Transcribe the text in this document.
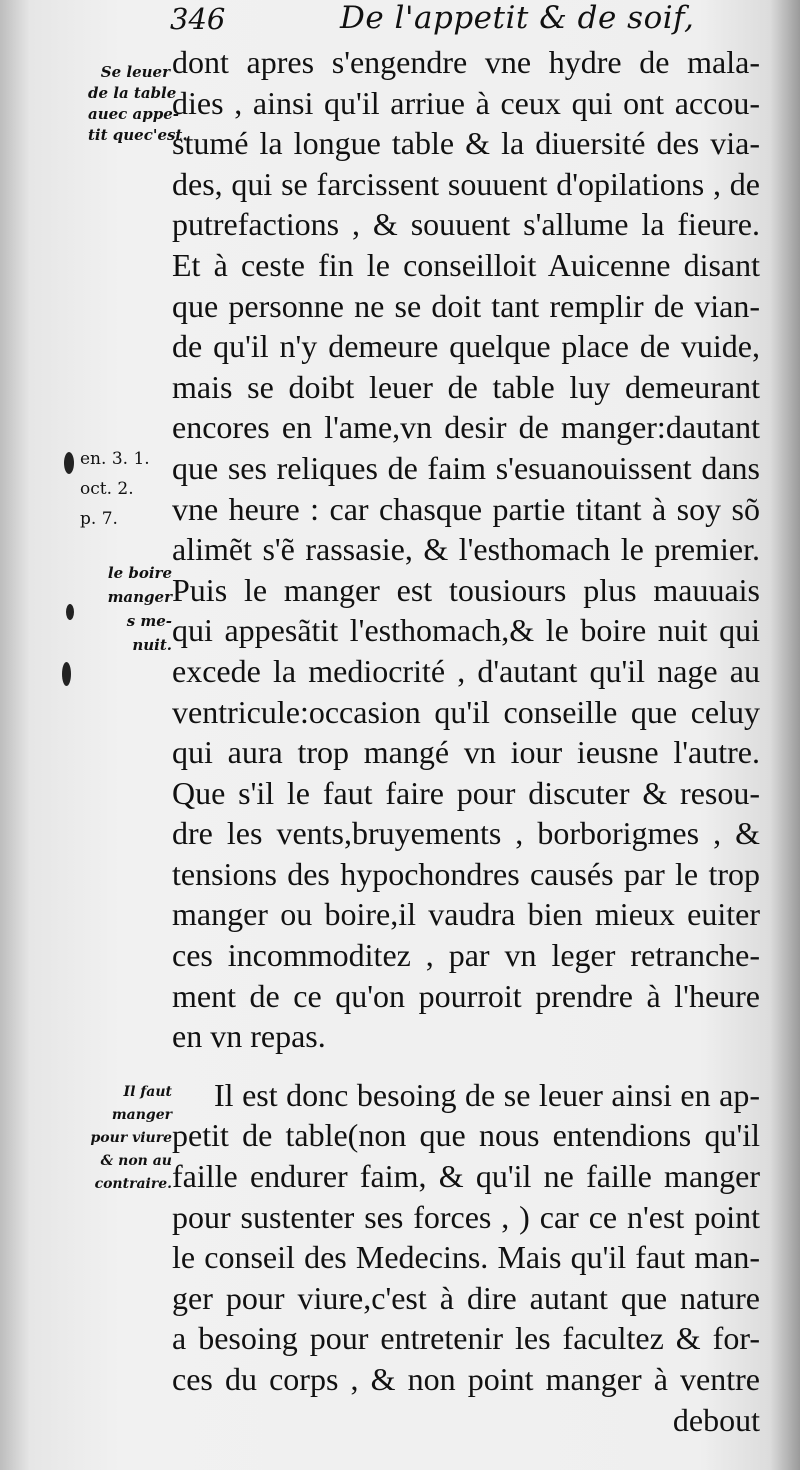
346	De l'appetit & de soif,
Se leuer
de la table
auec appe-
tit quec'est.
en. 3. 1.
oct. 2.
p. 7.
le boire
manger
s me-
nuit.
Il faut
manger
pour viure
& non au
contraire.
dont apres s'engendre vne hydre de mala-
dies , ainsi qu'il arriue à ceux qui ont accou-
stumé la longue table & la diuersité des via-
des, qui se farcissent souuent d'opilations , de
putrefactions , & souuent s'allume la fieure.
Et à ceste fin le conseilloit Auicenne disant
que personne ne se doit tant remplir de vian-
de qu'il n'y demeure quelque place de vuide,
mais se doibt leuer de table luy demeurant
encores en l'ame,vn desir de manger:dautant
que ses reliques de faim s'esuanouissent dans
vne heure : car chasque partie titant à soy sõ
alimẽt s'ẽ rassasie, & l'esthomach le premier.
Puis le manger est tousiours plus mauuais
qui appesãtit l'esthomach,& le boire nuit qui
excede la mediocrité , d'autant qu'il nage au
ventricule:occasion qu'il conseille que celuy
qui aura trop mangé vn iour ieusne l'autre.
Que s'il le faut faire pour discuter & resou-
dre les vents,bruyements , borborigmes , &
tensions des hypochondres causés par le trop
manger ou boire,il vaudra bien mieux euiter
ces incommoditez , par vn leger retranche-
ment de ce qu'on pourroit prendre à l'heure
en vn repas.
Il est donc besoing de se leuer ainsi en ap-
petit de table(non que nous entendions qu'il
faille endurer faim, & qu'il ne faille manger
pour sustenter ses forces , ) car ce n'est point
le conseil des Medecins. Mais qu'il faut man-
ger pour viure,c'est à dire autant que nature
a besoing pour entretenir les facultez & for-
ces du corps , & non point manger à ventre
debout
